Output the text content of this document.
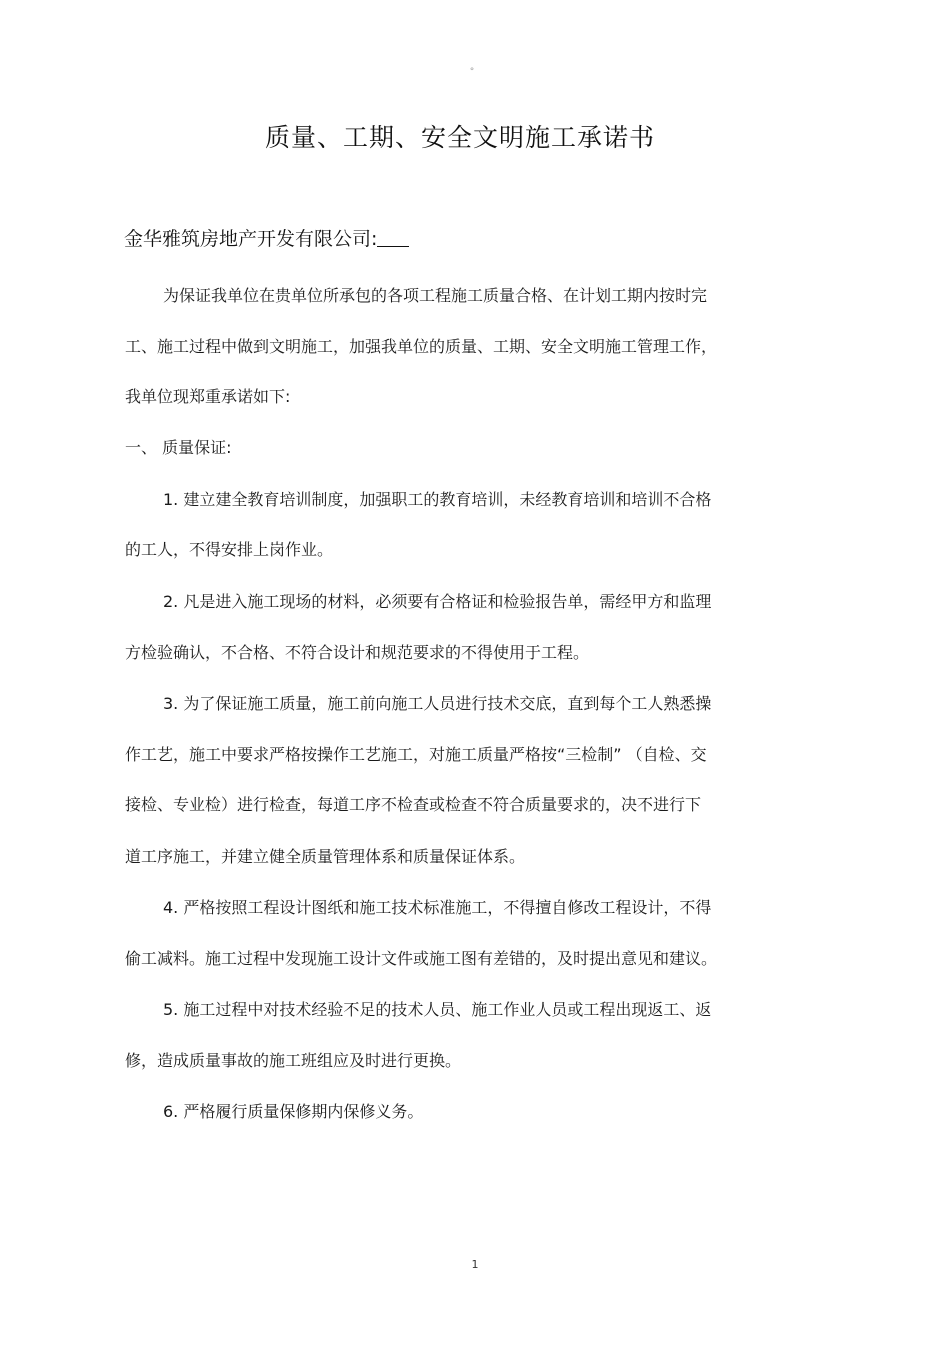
°
质量、工期、安全文明施工承诺书
金华雅筑房地产开发有限公司:
为保证我单位在贵单位所承包的各项工程施工质量合格、在计划工期内按时完
工、施工过程中做到文明施工，加强我单位的质量、工期、安全文明施工管理工作，
我单位现郑重承诺如下:
一、 质量保证:
1. 建立建全教育培训制度，加强职工的教育培训，未经教育培训和培训不合格
的工人，不得安排上岗作业。
2. 凡是进入施工现场的材料，必须要有合格证和检验报告单，需经甲方和监理
方检验确认，不合格、不符合设计和规范要求的不得使用于工程。
3. 为了保证施工质量，施工前向施工人员进行技术交底，直到每个工人熟悉操
作工艺，施工中要求严格按操作工艺施工，对施工质量严格按“三检制” （自检、交
接检、专业检）进行检查，每道工序不检查或检查不符合质量要求的，决不进行下
道工序施工，并建立健全质量管理体系和质量保证体系。
4. 严格按照工程设计图纸和施工技术标准施工，不得擅自修改工程设计，不得
偷工减料。施工过程中发现施工设计文件或施工图有差错的，及时提出意见和建议。
5. 施工过程中对技术经验不足的技术人员、施工作业人员或工程出现返工、返
修，造成质量事故的施工班组应及时进行更换。
6. 严格履行质量保修期内保修义务。
1
